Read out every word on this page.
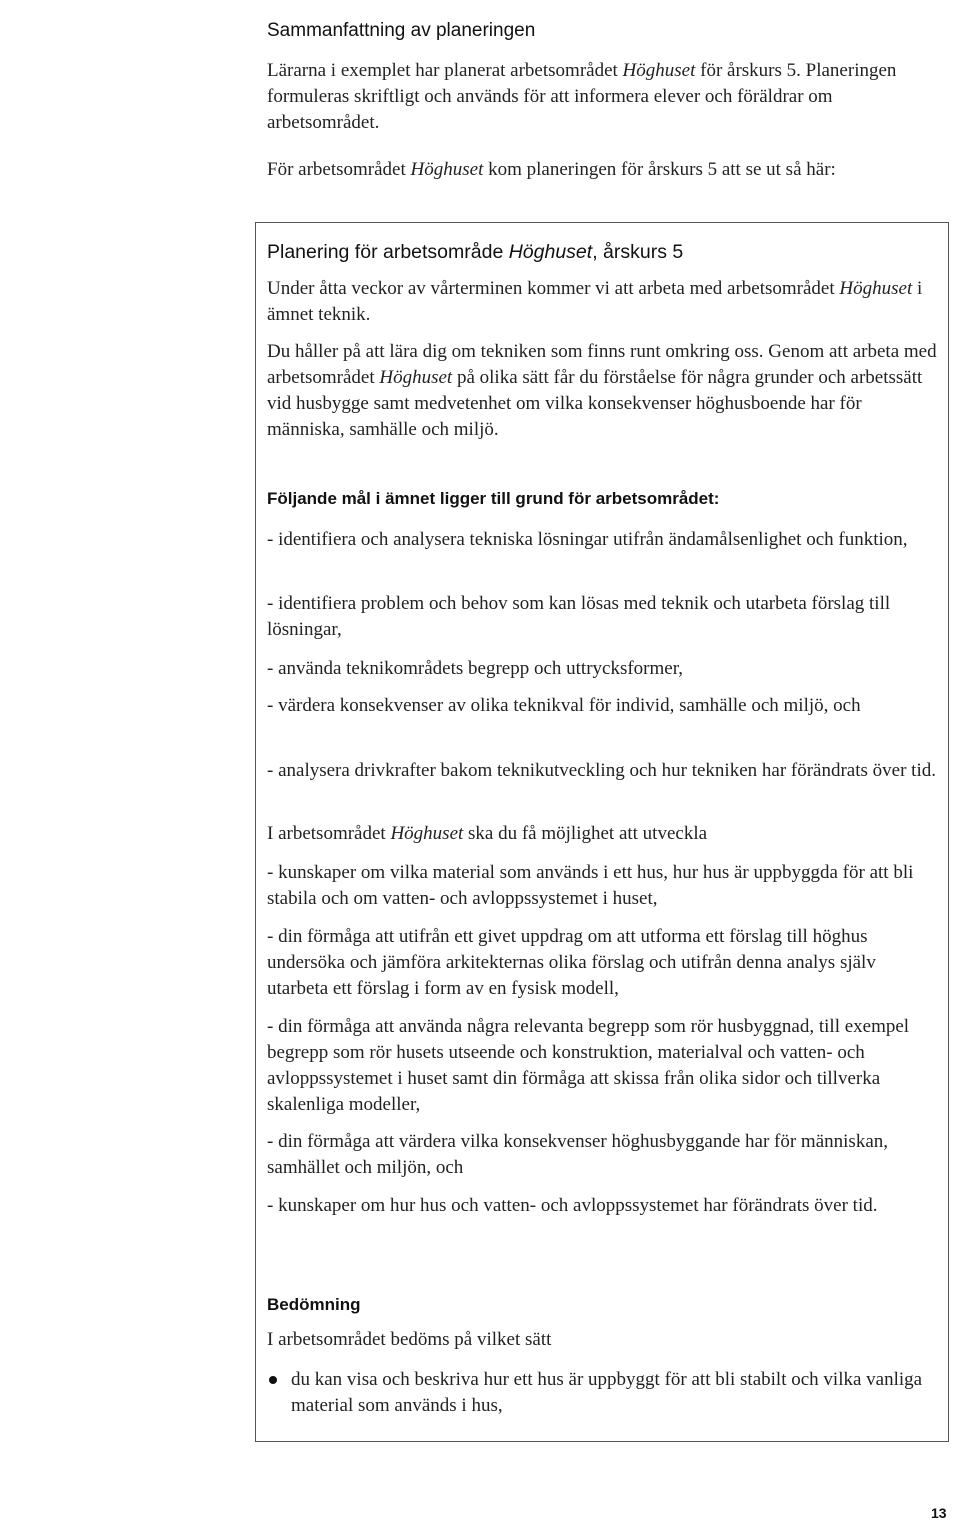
Sammanfattning av planeringen

Lärarna i exemplet har planerat arbetsområdet Höghuset för årskurs 5. Planeringen formuleras skriftligt och används för att informera elever och föräldrar om arbetsområdet.

För arbetsområdet Höghuset kom planeringen för årskurs 5 att se ut så här:

Planering för arbetsområde Höghuset, årskurs 5

Under åtta veckor av vårterminen kommer vi att arbeta med arbetsområdet Höghuset i ämnet teknik.

Du håller på att lära dig om tekniken som finns runt omkring oss. Genom att arbeta med arbetsområdet Höghuset på olika sätt får du förståelse för några grunder och arbetssätt vid husbygge samt medvetenhet om vilka konsekvenser höghusboende har för människa, samhälle och miljö.

Följande mål i ämnet ligger till grund för arbetsområdet:

- identifiera och analysera tekniska lösningar utifrån ändamålsenlighet och funktion,

- identifiera problem och behov som kan lösas med teknik och utarbeta förslag till lösningar,

- använda teknikområdets begrepp och uttrycksformer,

- värdera konsekvenser av olika teknikval för individ, samhälle och miljö, och

- analysera drivkrafter bakom teknikutveckling och hur tekniken har förändrats över tid.

I arbetsområdet Höghuset ska du få möjlighet att utveckla

- kunskaper om vilka material som används i ett hus, hur hus är uppbyggda för att bli stabila och om vatten- och avloppssystemet i huset,

- din förmåga att utifrån ett givet uppdrag om att utforma ett förslag till höghus undersöka och jämföra arkitekternas olika förslag och utifrån denna analys själv utarbeta ett förslag i form av en fysisk modell,

- din förmåga att använda några relevanta begrepp som rör husbyggnad, till exempel begrepp som rör husets utseende och konstruktion, materialval och vatten- och avloppssystemet i huset samt din förmåga att skissa från olika sidor och tillverka skalenliga modeller,

- din förmåga att värdera vilka konsekvenser höghusbyggande har för människan, samhället och miljön, och

- kunskaper om hur hus och vatten- och avloppssystemet har förändrats över tid.

Bedömning

I arbetsområdet bedöms på vilket sätt

du kan visa och beskriva hur ett hus är uppbyggt för att bli stabilt och vilka vanliga material som används i hus,

13
